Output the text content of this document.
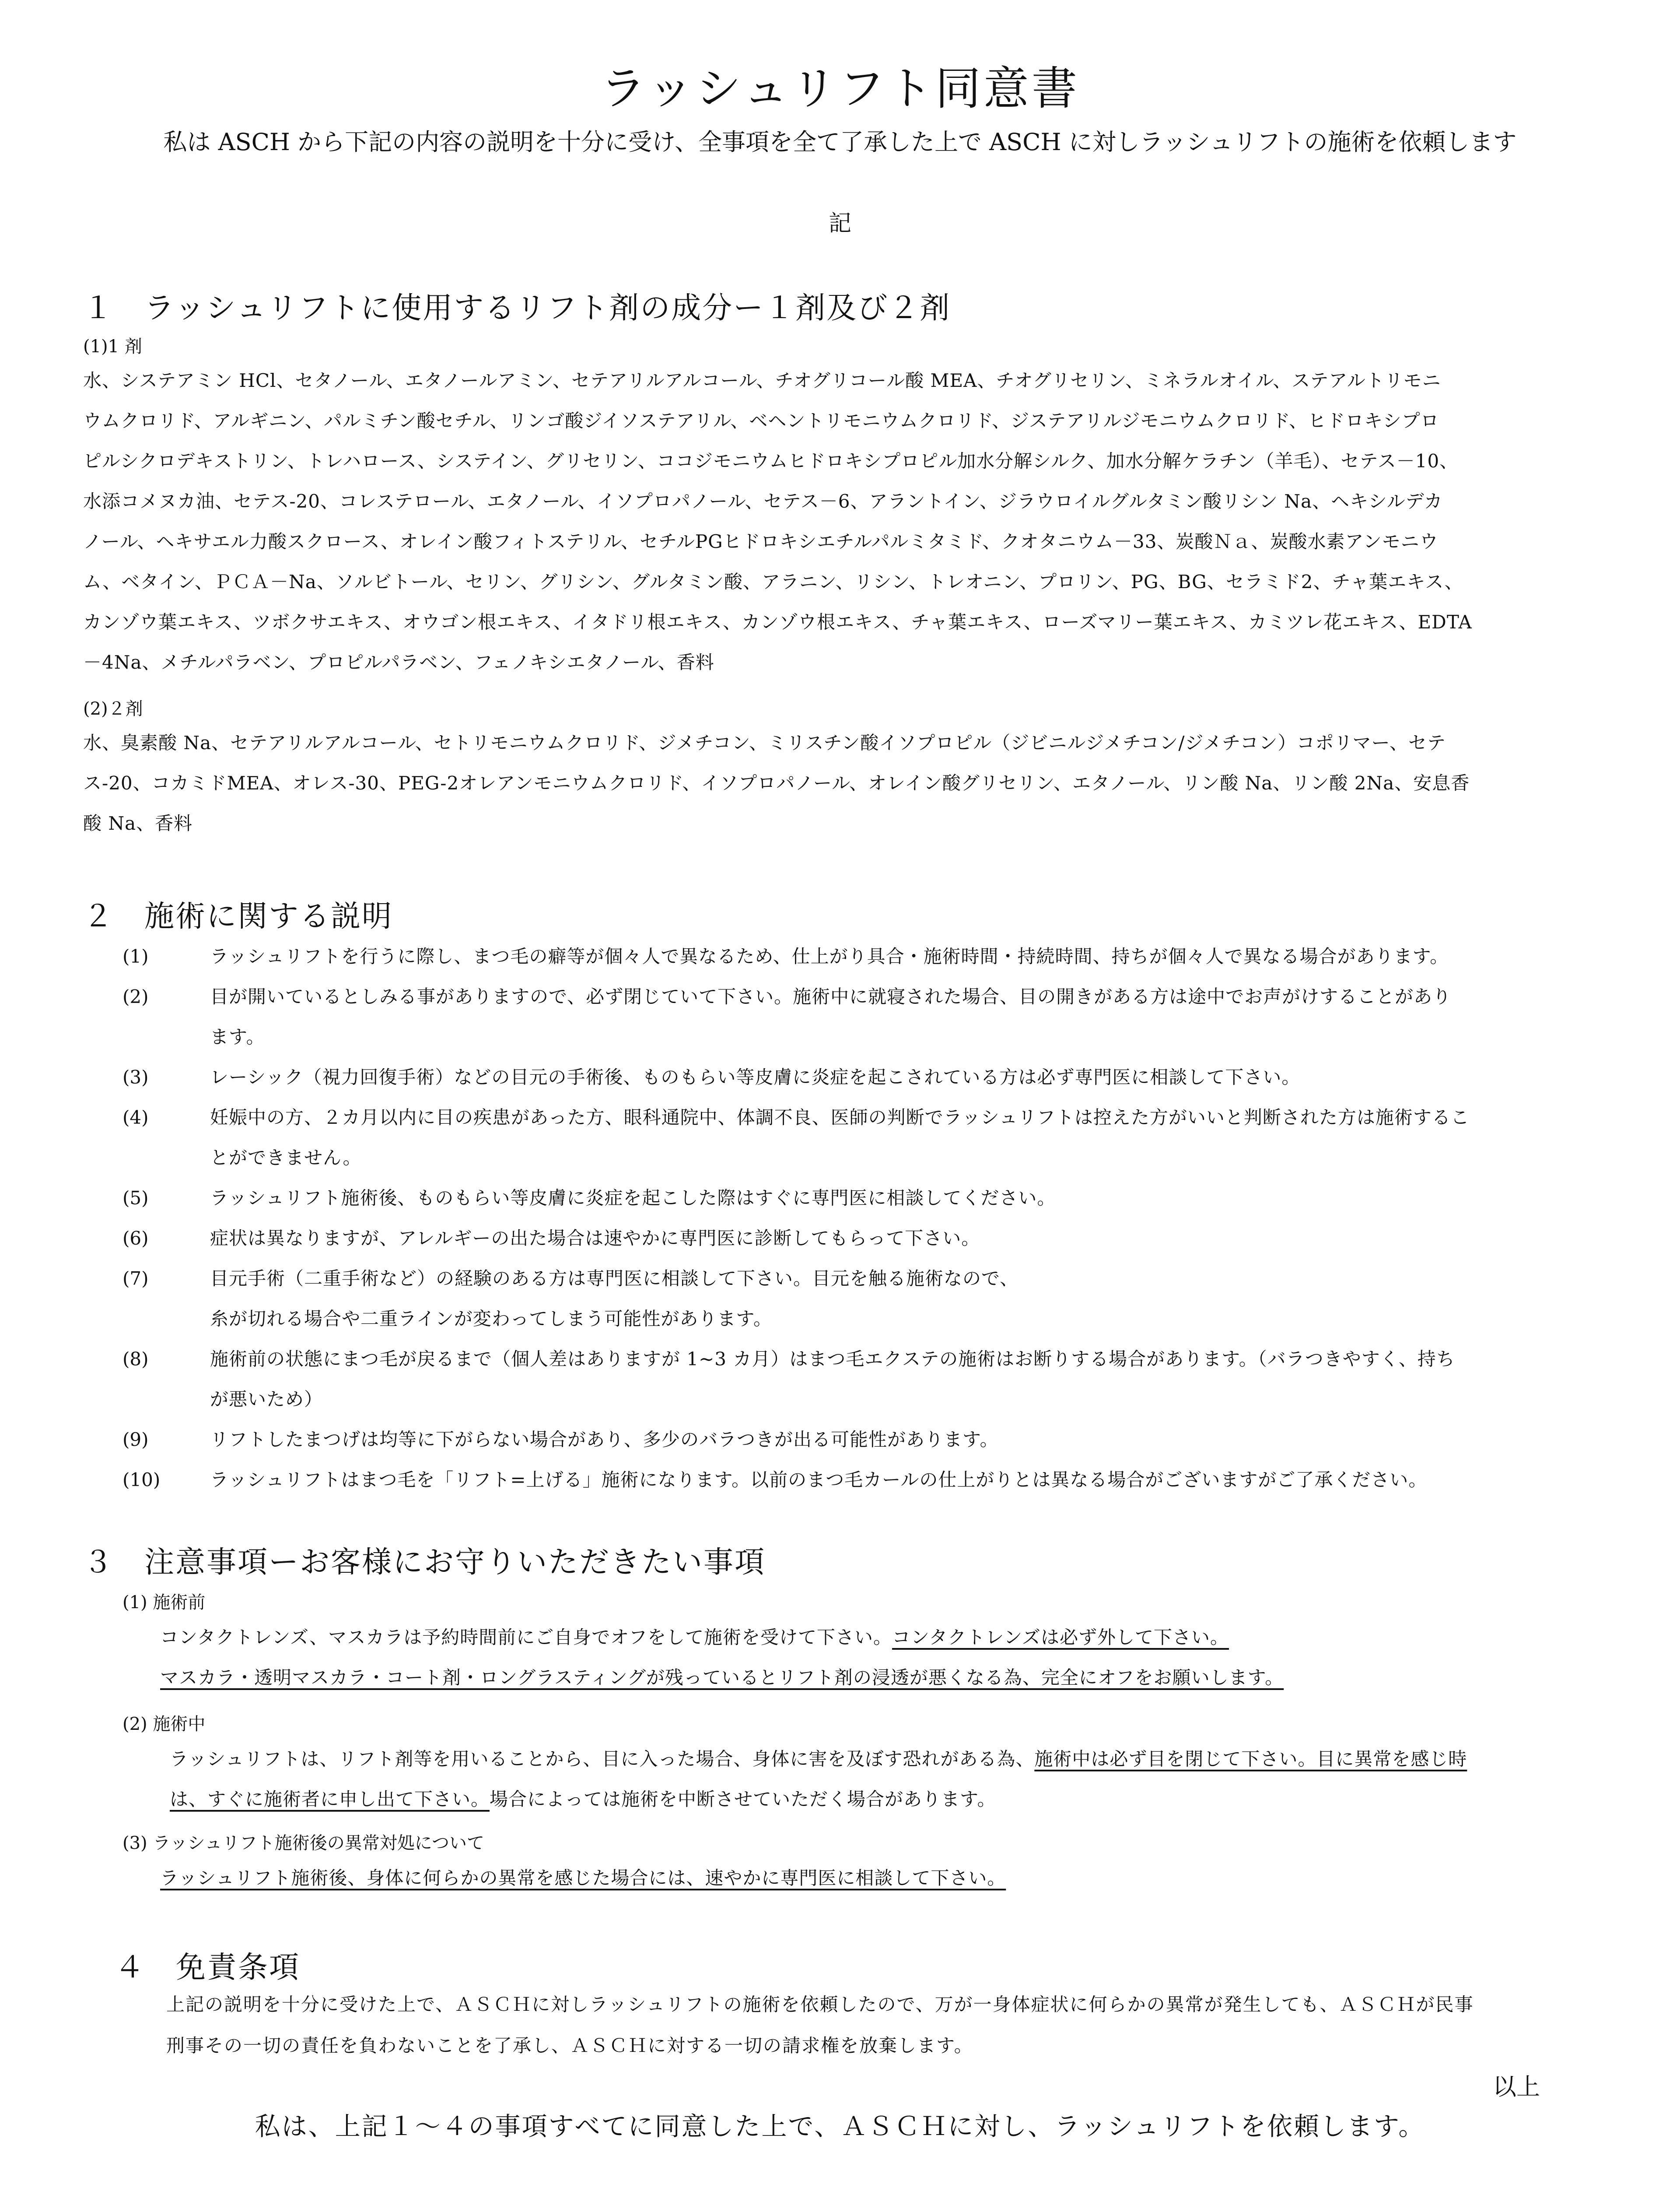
ラッシュリフト同意書
私は ASCH から下記の内容の説明を十分に受け、全事項を全て了承した上で ASCH に対しラッシュリフトの施術を依頼します
記
１ ラッシュリフトに使用するリフト剤の成分ー１剤及び２剤
(1)1 剤
水、システアミン HCl、セタノール、エタノールアミン、セテアリルアルコール、チオグリコール酸 MEA、チオグリセリン、ミネラルオイル、ステアルトリモニ
ウムクロリド、アルギニン、パルミチン酸セチル、リンゴ酸ジイソステアリル、ベヘントリモニウムクロリド、ジステアリルジモニウムクロリド、ヒドロキシプロ
ピルシクロデキストリン、トレハロース、システイン、グリセリン、ココジモニウムヒドロキシプロピル加水分解シルク、加水分解ケラチン（羊毛）、セテス－10、
水添コメヌカ油、セテス-20、コレステロール、エタノール、イソプロパノール、セテス－6、アラントイン、ジラウロイルグルタミン酸リシン Na、ヘキシルデカ
ノール、ヘキサエル力酸スクロース、オレイン酸フィトステリル、セチルPGヒドロキシエチルパルミタミド、クオタニウム－33、炭酸Ｎａ、炭酸水素アンモニウ
ム、ベタイン、ＰＣＡ－Na、ソルビトール、セリン、グリシン、グルタミン酸、アラニン、リシン、トレオニン、プロリン、PG、BG、セラミド2、チャ葉エキス、
カンゾウ葉エキス、ツボクサエキス、オウゴン根エキス、イタドリ根エキス、カンゾウ根エキス、チャ葉エキス、ローズマリー葉エキス、カミツレ花エキス、EDTA
－4Na、メチルパラベン、プロピルパラベン、フェノキシエタノール、香料
(2)２剤
水、臭素酸 Na、セテアリルアルコール、セトリモニウムクロリド、ジメチコン、ミリスチン酸イソプロピル（ジビニルジメチコン/ジメチコン）コポリマー、セテ
ス-20、コカミドMEA、オレス-30、PEG-2オレアンモニウムクロリド、イソプロパノール、オレイン酸グリセリン、エタノール、リン酸 Na、リン酸 2Na、安息香
酸 Na、香料
２ 施術に関する説明
(1)	ラッシュリフトを行うに際し、まつ毛の癖等が個々人で異なるため、仕上がり具合・施術時間・持続時間、持ちが個々人で異なる場合があります。
(2)	目が開いているとしみる事がありますので、必ず閉じていて下さい。施術中に就寝された場合、目の開きがある方は途中でお声がけすることがあり
ます。
(3)	レーシック（視力回復手術）などの目元の手術後、ものもらい等皮膚に炎症を起こされている方は必ず専門医に相談して下さい。
(4)	妊娠中の方、２カ月以内に目の疾患があった方、眼科通院中、体調不良、医師の判断でラッシュリフトは控えた方がいいと判断された方は施術するこ
とができません。
(5)	ラッシュリフト施術後、ものもらい等皮膚に炎症を起こした際はすぐに専門医に相談してください。
(6)	症状は異なりますが、アレルギーの出た場合は速やかに専門医に診断してもらって下さい。
(7)	目元手術（二重手術など）の経験のある方は専門医に相談して下さい。目元を触る施術なので、
糸が切れる場合や二重ラインが変わってしまう可能性があります。
(8)	施術前の状態にまつ毛が戻るまで（個人差はありますが 1~3 カ月）はまつ毛エクステの施術はお断りする場合があります。（バラつきやすく、持ち
が悪いため）
(9)	リフトしたまつげは均等に下がらない場合があり、多少のバラつきが出る可能性があります。
(10)	ラッシュリフトはまつ毛を「リフト=上げる」施術になります。以前のまつ毛カールの仕上がりとは異なる場合がございますがご了承ください。
３ 注意事項ーお客様にお守りいただきたい事項
(1) 施術前
コンタクトレンズ、マスカラは予約時間前にご自身でオフをして施術を受けて下さい。コンタクトレンズは必ず外して下さい。
マスカラ・透明マスカラ・コート剤・ロングラスティングが残っているとリフト剤の浸透が悪くなる為、完全にオフをお願いします。
(2) 施術中
ラッシュリフトは、リフト剤等を用いることから、目に入った場合、身体に害を及ぼす恐れがある為、施術中は必ず目を閉じて下さい。目に異常を感じ時
は、すぐに施術者に申し出て下さい。場合によっては施術を中断させていただく場合があります。
(3) ラッシュリフト施術後の異常対処について
ラッシュリフト施術後、身体に何らかの異常を感じた場合には、速やかに専門医に相談して下さい。
４ 免責条項
上記の説明を十分に受けた上で、ＡＳＣＨに対しラッシュリフトの施術を依頼したので、万が一身体症状に何らかの異常が発生しても、ＡＳＣＨが民事
刑事その一切の責任を負わないことを了承し、ＡＳＣＨに対する一切の請求権を放棄します。
以上
私は、上記１～４の事項すべてに同意した上で、ＡＳＣＨに対し、ラッシュリフトを依頼します。
